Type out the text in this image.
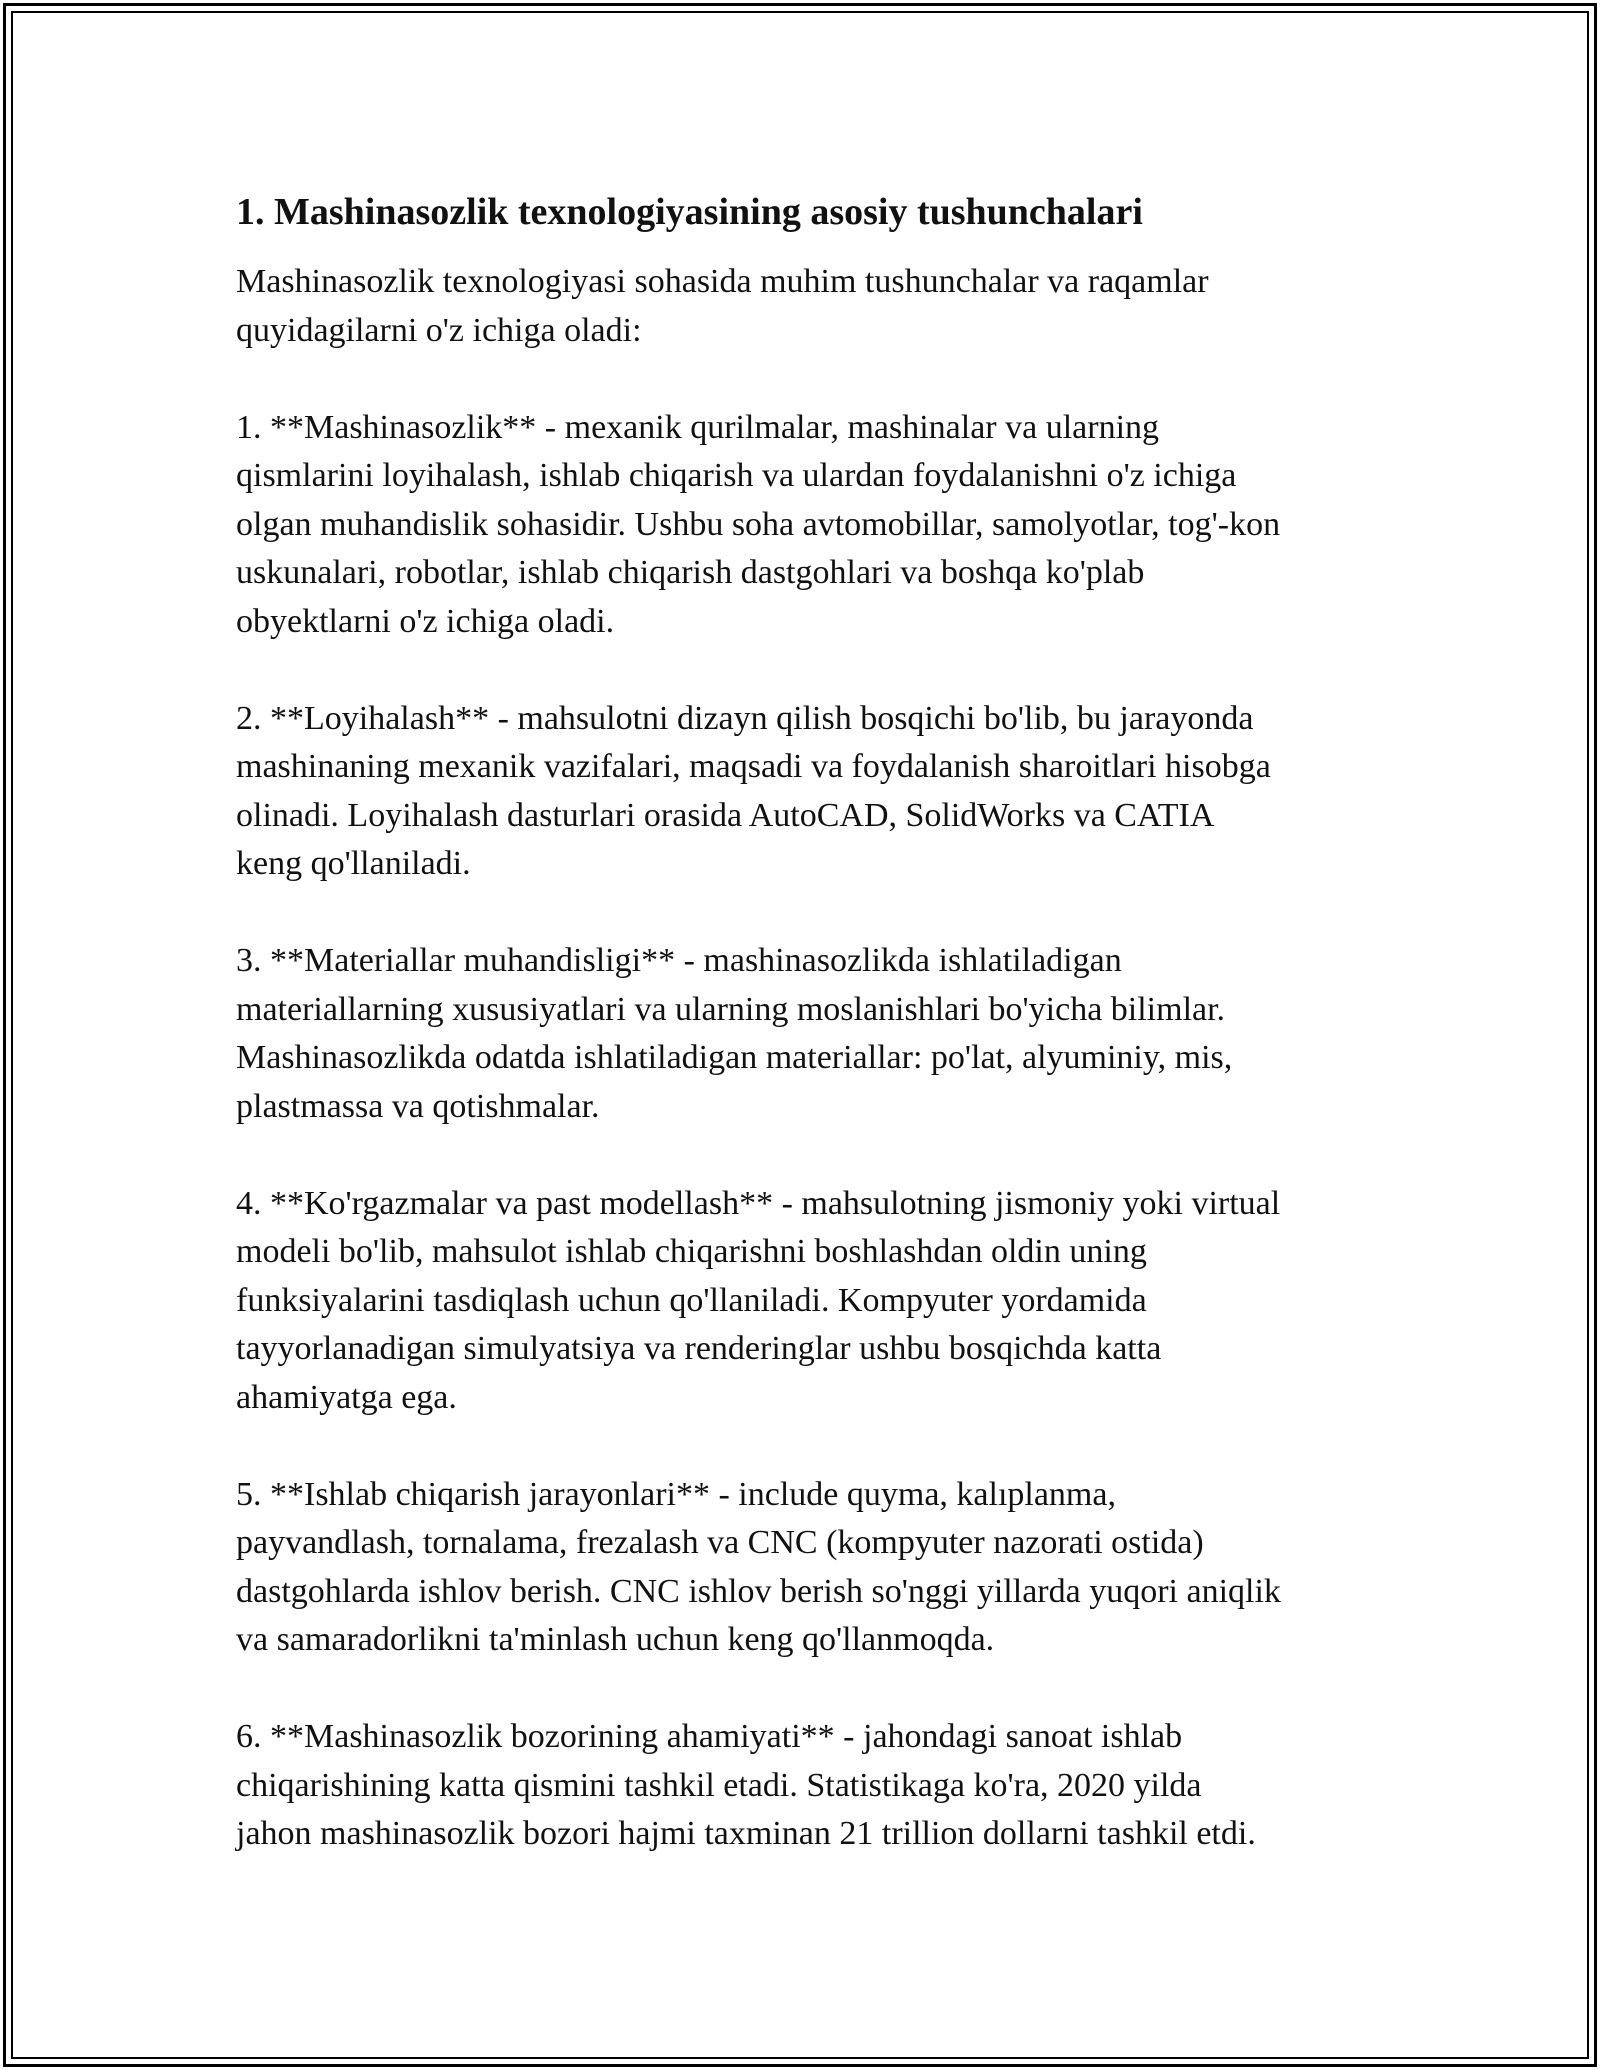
1. Mashinasozlik texnologiyasining asosiy tushunchalari

Mashinasozlik texnologiyasi sohasida muhim tushunchalar va raqamlar
quyidagilarni o'z ichiga oladi:

1. **Mashinasozlik** - mexanik qurilmalar, mashinalar va ularning
qismlarini loyihalash, ishlab chiqarish va ulardan foydalanishni o'z ichiga
olgan muhandislik sohasidir. Ushbu soha avtomobillar, samolyotlar, tog'-kon
uskunalari, robotlar, ishlab chiqarish dastgohlari va boshqa ko'plab
obyektlarni o'z ichiga oladi.

2. **Loyihalash** - mahsulotni dizayn qilish bosqichi bo'lib, bu jarayonda
mashinaning mexanik vazifalari, maqsadi va foydalanish sharoitlari hisobga
olinadi. Loyihalash dasturlari orasida AutoCAD, SolidWorks va CATIA
keng qo'llaniladi.

3. **Materiallar muhandisligi** - mashinasozlikda ishlatiladigan
materiallarning xususiyatlari va ularning moslanishlari bo'yicha bilimlar.
Mashinasozlikda odatda ishlatiladigan materiallar: po'lat, alyuminiy, mis,
plastmassa va qotishmalar.

4. **Ko'rgazmalar va past modellash** - mahsulotning jismoniy yoki virtual
modeli bo'lib, mahsulot ishlab chiqarishni boshlashdan oldin uning
funksiyalarini tasdiqlash uchun qo'llaniladi. Kompyuter yordamida
tayyorlanadigan simulyatsiya va renderinglar ushbu bosqichda katta
ahamiyatga ega.

5. **Ishlab chiqarish jarayonlari** - include quyma, kalıplanma,
payvandlash, tornalama, frezalash va CNC (kompyuter nazorati ostida)
dastgohlarda ishlov berish. CNC ishlov berish so'nggi yillarda yuqori aniqlik
va samaradorlikni ta'minlash uchun keng qo'llanmoqda.

6. **Mashinasozlik bozorining ahamiyati** - jahondagi sanoat ishlab
chiqarishining katta qismini tashkil etadi. Statistikaga ko'ra, 2020 yilda
jahon mashinasozlik bozori hajmi taxminan 21 trillion dollarni tashkil etdi.
